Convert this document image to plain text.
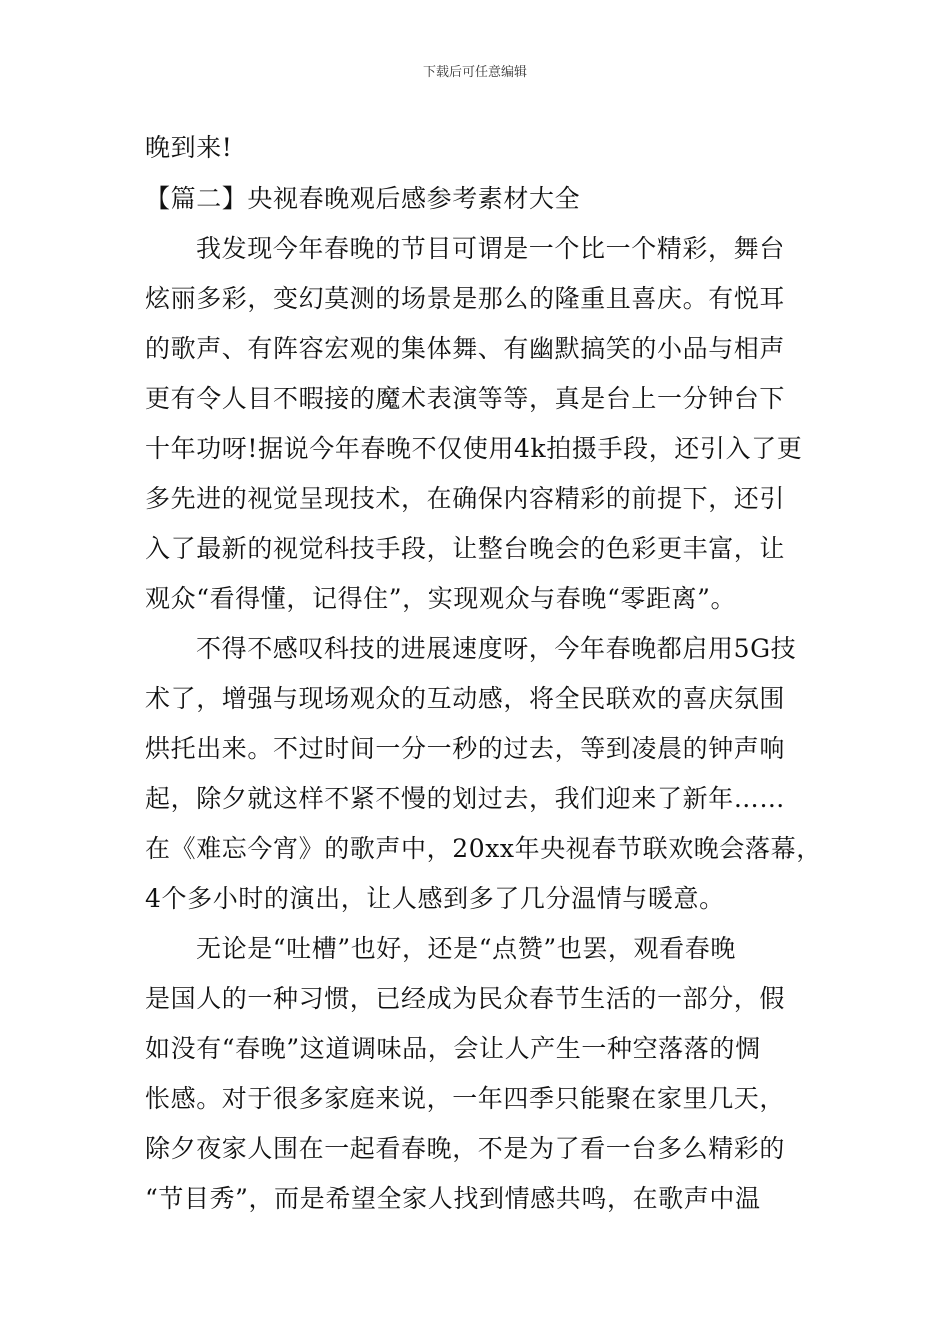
下载后可任意编辑
晚到来!
【篇二】央视春晚观后感参考素材大全
我发现今年春晚的节目可谓是一个比一个精彩，舞台
炫丽多彩，变幻莫测的场景是那么的隆重且喜庆。有悦耳
的歌声、有阵容宏观的集体舞、有幽默搞笑的小品与相声
更有令人目不暇接的魔术表演等等，真是台上一分钟台下
十年功呀!据说今年春晚不仅使用4k拍摄手段，还引入了更
多先进的视觉呈现技术，在确保内容精彩的前提下，还引
入了最新的视觉科技手段，让整台晚会的色彩更丰富，让
观众“看得懂，记得住”，实现观众与春晚“零距离”。
不得不感叹科技的进展速度呀，今年春晚都启用5G技
术了，增强与现场观众的互动感，将全民联欢的喜庆氛围
烘托出来。不过时间一分一秒的过去，等到凌晨的钟声响
起，除夕就这样不紧不慢的划过去，我们迎来了新年……
在《难忘今宵》的歌声中，20xx年央视春节联欢晚会落幕，
4个多小时的演出，让人感到多了几分温情与暖意。
无论是“吐槽”也好，还是“点赞”也罢，观看春晚
是国人的一种习惯，已经成为民众春节生活的一部分，假
如没有“春晚”这道调味品，会让人产生一种空落落的惆
怅感。对于很多家庭来说，一年四季只能聚在家里几天，
除夕夜家人围在一起看春晚，不是为了看一台多么精彩的
“节目秀”，而是希望全家人找到情感共鸣，在歌声中温
